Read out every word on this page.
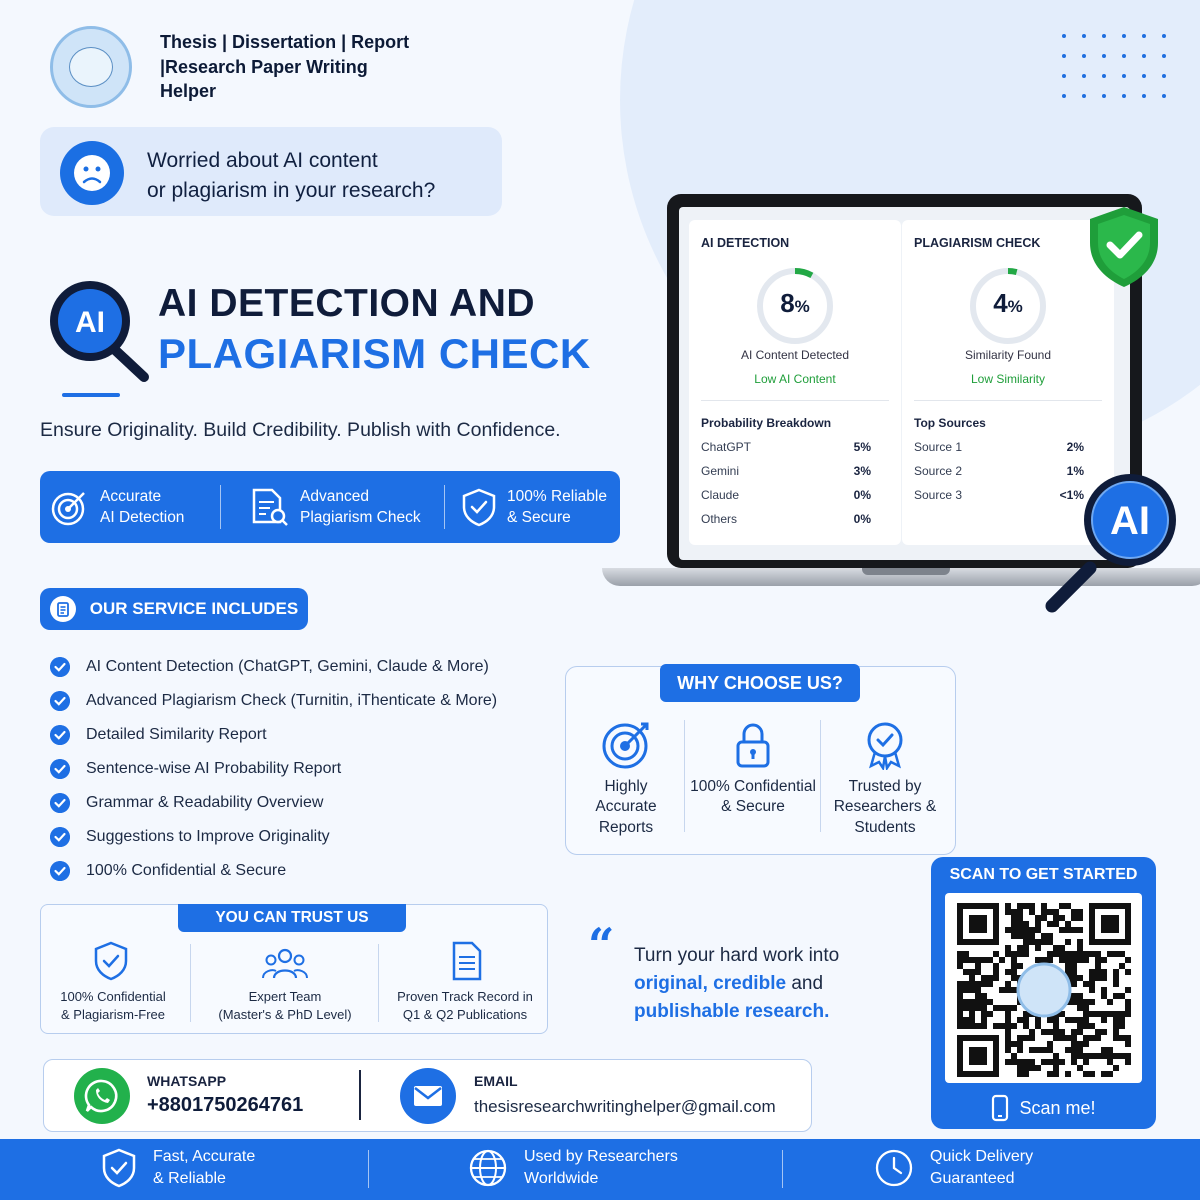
Thesis | Dissertation | Report
|Research Paper Writing
Helper
Worried about AI content
or plagiarism in your research?
AI AI DETECTION AND
PLAGIARISM CHECK
Ensure Originality. Build Credibility. Publish with Confidence.
Accurate
AI Detection
Advanced
Plagiarism Check
100% Reliable
& Secure
OUR SERVICE INCLUDES
AI Content Detection (ChatGPT, Gemini, Claude & More)
Advanced Plagiarism Check (Turnitin, iThenticate & More)
Detailed Similarity Report
Sentence-wise AI Probability Report
Grammar & Readability Overview
Suggestions to Improve Originality
100% Confidential & Secure
AI DETECTION
8%
AI Content Detected
Low AI Content
Probability Breakdown
ChatGPT	5%
Gemini	3%
Claude	0%
Others	0%
PLAGIARISM CHECK
4%
Similarity Found
Low Similarity
Top Sources
Source 1	2%
Source 2	1%
Source 3	<1%
AI
WHY CHOOSE US?
Highly
Accurate
Reports
100% Confidential
& Secure
Trusted by
Researchers &
Students
YOU CAN TRUST US
100% Confidential
& Plagiarism-Free
Expert Team
(Master's & PhD Level)
Proven Track Record in
Q1 & Q2 Publications
“ Turn your hard work into
original, credible and
publishable research.
SCAN TO GET STARTED
Scan me!
WHATSAPP
+8801750264761
EMAIL
thesisresearchwritinghelper@gmail.com
Fast, Accurate
& Reliable
Used by Researchers
Worldwide
Quick Delivery
Guaranteed
